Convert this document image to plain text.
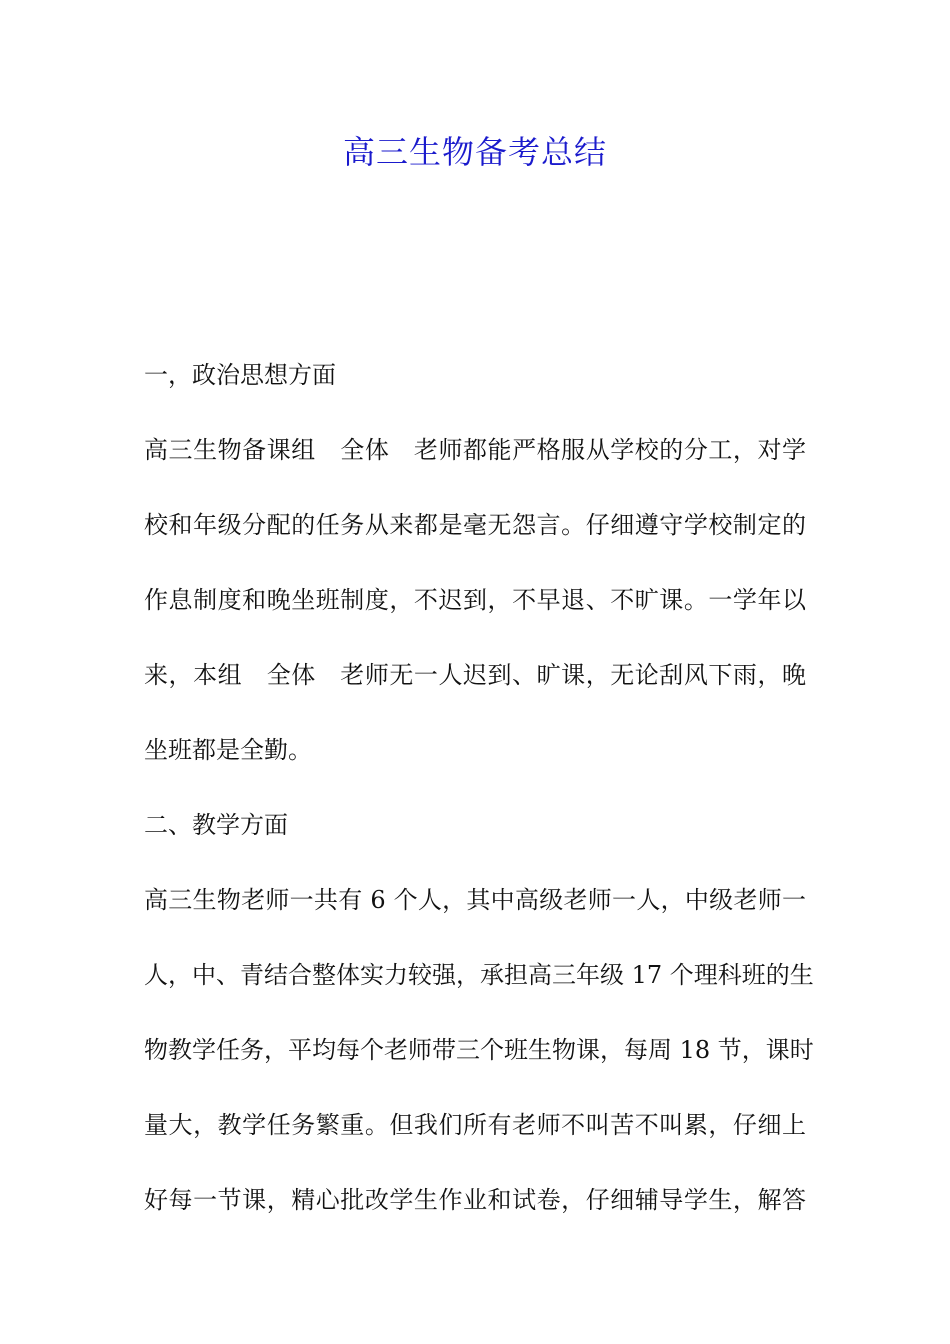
高三生物备考总结

一，政治思想方面

高三生物备课组　全体　老师都能严格服从学校的分工，对学
校和年级分配的任务从来都是毫无怨言。仔细遵守学校制定的
作息制度和晚坐班制度，不迟到，不早退、不旷课。一学年以
来，本组　全体　老师无一人迟到、旷课，无论刮风下雨，晚
坐班都是全勤。

二、教学方面

高三生物老师一共有 6 个人，其中高级老师一人，中级老师一
人，中、青结合整体实力较强，承担高三年级 17 个理科班的生
物教学任务，平均每个老师带三个班生物课，每周 18 节，课时
量大，教学任务繁重。但我们所有老师不叫苦不叫累，仔细上
好每一节课，精心批改学生作业和试卷，仔细辅导学生，解答
